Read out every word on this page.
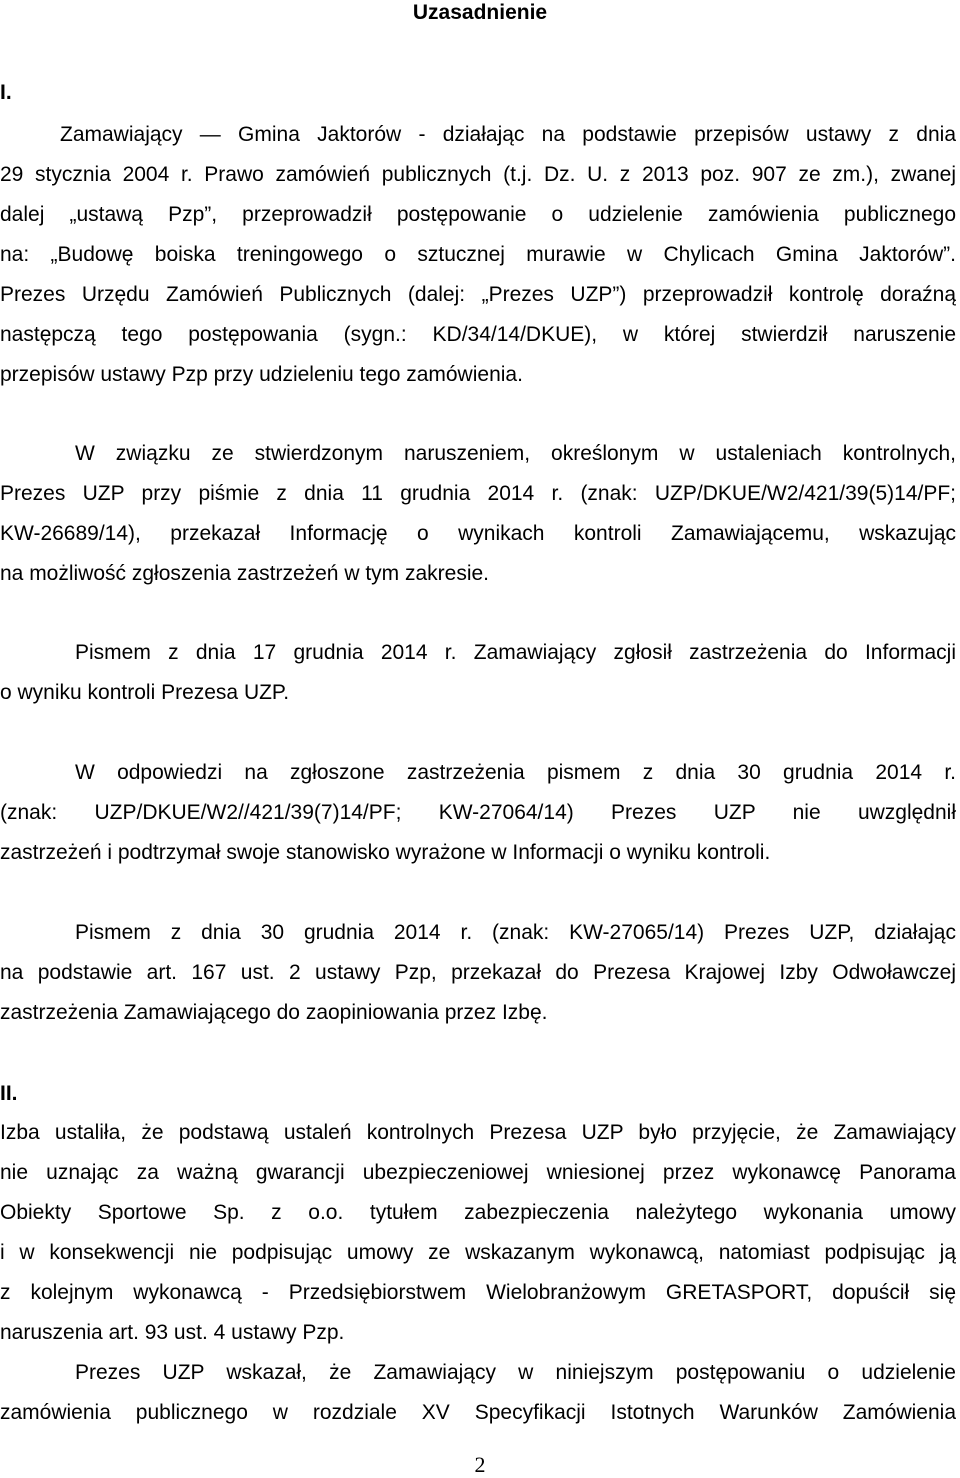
Uzasadnienie
I.
Zamawiający — Gmina Jaktorów - działając na podstawie przepisów ustawy z dnia
29 stycznia 2004 r. Prawo zamówień publicznych (t.j. Dz. U. z 2013 poz. 907 ze zm.), zwanej
dalej „ustawą Pzp”, przeprowadził postępowanie o udzielenie zamówienia publicznego
na: „Budowę boiska treningowego o sztucznej murawie w Chylicach Gmina Jaktorów”.
Prezes Urzędu Zamówień Publicznych (dalej: „Prezes UZP”) przeprowadził kontrolę doraźną
następczą tego postępowania (sygn.: KD/34/14/DKUE), w której stwierdził naruszenie
przepisów ustawy Pzp przy udzieleniu tego zamówienia.
W związku ze stwierdzonym naruszeniem, określonym w ustaleniach kontrolnych,
Prezes UZP przy piśmie z dnia 11 grudnia 2014 r. (znak: UZP/DKUE/W2/421/39(5)14/PF;
KW-26689/14), przekazał Informację o wynikach kontroli Zamawiającemu, wskazując
na możliwość zgłoszenia zastrzeżeń w tym zakresie.
Pismem z dnia 17 grudnia 2014 r. Zamawiający zgłosił zastrzeżenia do Informacji
o wyniku kontroli Prezesa UZP.
W odpowiedzi na zgłoszone zastrzeżenia pismem z dnia 30 grudnia 2014 r.
(znak: UZP/DKUE/W2//421/39(7)14/PF; KW-27064/14) Prezes UZP nie uwzględnił
zastrzeżeń i podtrzymał swoje stanowisko wyrażone w Informacji o wyniku kontroli.
Pismem z dnia 30 grudnia 2014 r. (znak: KW-27065/14) Prezes UZP, działając
na podstawie art. 167 ust. 2 ustawy Pzp, przekazał do Prezesa Krajowej Izby Odwoławczej
zastrzeżenia Zamawiającego do zaopiniowania przez Izbę.
II.
Izba ustaliła, że podstawą ustaleń kontrolnych Prezesa UZP było przyjęcie, że Zamawiający
nie uznając za ważną gwarancji ubezpieczeniowej wniesionej przez wykonawcę Panorama
Obiekty Sportowe Sp. z o.o. tytułem zabezpieczenia należytego wykonania umowy
i w konsekwencji nie podpisując umowy ze wskazanym wykonawcą, natomiast podpisując ją
z kolejnym wykonawcą - Przedsiębiorstwem Wielobranżowym GRETASPORT, dopuścił się
naruszenia art. 93 ust. 4 ustawy Pzp.
Prezes UZP wskazał, że Zamawiający w niniejszym postępowaniu o udzielenie
zamówienia publicznego w rozdziale XV Specyfikacji Istotnych Warunków Zamówienia
2
